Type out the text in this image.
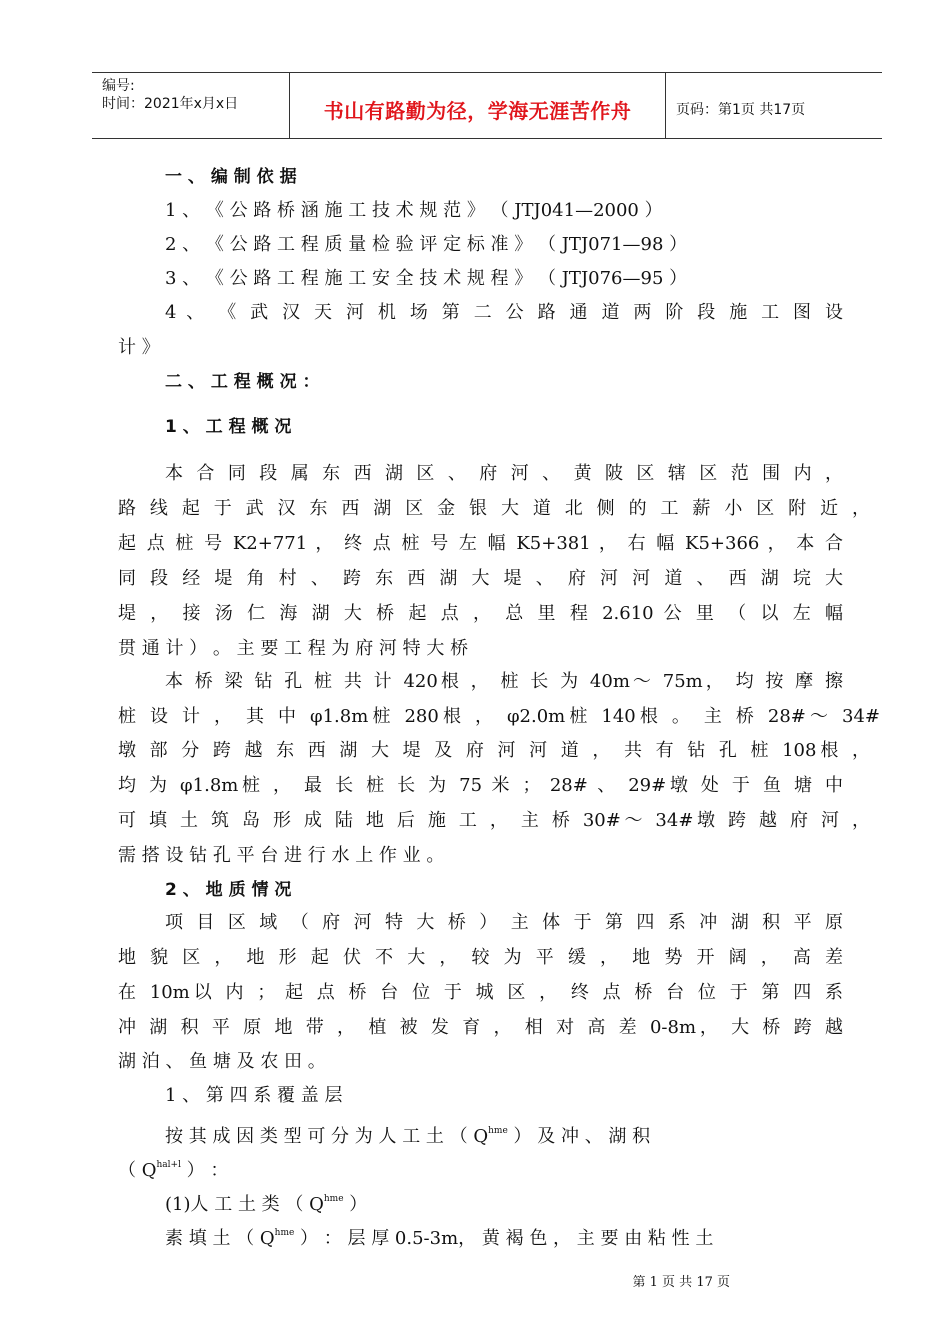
编号:
时间：2021年x月x日	书山有路勤为径，学海无涯苦作舟	页码：第1页 共17页
一 、 编 制 依 据
1 、 《 公 路 桥 涵 施 工 技 术 规 范 》 （ JTJ041—2000 ）
2 、 《 公 路 工 程 质 量 检 验 评 定 标 准 》 （ JTJ071—98 ）
3 、 《 公 路 工 程 施 工 安 全 技 术 规 程 》 （ JTJ076—95 ）
4 、 《 武 汉 天 河 机 场 第 二 公 路 通 道 两 阶 段 施 工 图 设
计 》
二 、 工 程 概 况 ：
1 、 工 程 概 况
本 合 同 段 属 东 西 湖 区 、 府 河 、 黄 陂 区 辖 区 范 围 内 ，
路 线 起 于 武 汉 东 西 湖 区 金 银 大 道 北 侧 的 工 薪 小 区 附 近 ，
起 点 桩 号 K2+771 ， 终 点 桩 号 左 幅 K5+381 ， 右 幅 K5+366 ， 本 合
同 段 经 堤 角 村 、 跨 东 西 湖 大 堤 、 府 河 河 道 、 西 湖 垸 大
堤 ， 接 汤 仁 海 湖 大 桥 起 点 ， 总 里 程 2.610 公 里 （ 以 左 幅
贯 通 计 ） 。 主 要 工 程 为 府 河 特 大 桥
本 桥 梁 钻 孔 桩 共 计 420根 ， 桩 长 为 40m～ 75m， 均 按 摩 擦
桩 设 计 ， 其 中 φ1.8m桩 280根 ， φ2.0m桩 140根 。 主 桥 28#～ 34#
墩 部 分 跨 越 东 西 湖 大 堤 及 府 河 河 道 ， 共 有 钻 孔 桩 108根 ，
均 为 φ1.8m桩 ， 最 长 桩 长 为 75 米 ； 28# 、 29#墩 处 于 鱼 塘 中
可 填 土 筑 岛 形 成 陆 地 后 施 工 ， 主 桥 30#～ 34#墩 跨 越 府 河 ，
需 搭 设 钻 孔 平 台 进 行 水 上 作 业 。
2 、 地 质 情 况
项 目 区 域 （ 府 河 特 大 桥 ） 主 体 于 第 四 系 冲 湖 积 平 原
地 貌 区 ， 地 形 起 伏 不 大 ， 较 为 平 缓 ， 地 势 开 阔 ， 高 差
在 10m以 内 ； 起 点 桥 台 位 于 城 区 ， 终 点 桥 台 位 于 第 四 系
冲 湖 积 平 原 地 带 ， 植 被 发 育 ， 相 对 高 差 0-8m， 大 桥 跨 越
湖 泊 、 鱼 塘 及 农 田 。
1 、 第 四 系 覆 盖 层
按 其 成 因 类 型 可 分 为 人 工 土 （ $Q^{hme}$ ） 及 冲 、 湖 积
（ $Q^{hal+l}$ ） ：
(1)人 工 土 类 （ $Q^{hme}$ ）
素 填 土 （ $Q^{hme}$ ） ： 层 厚 0.5-3m， 黄 褐 色 ， 主 要 由 粘 性 土
第 1 页 共 17 页
